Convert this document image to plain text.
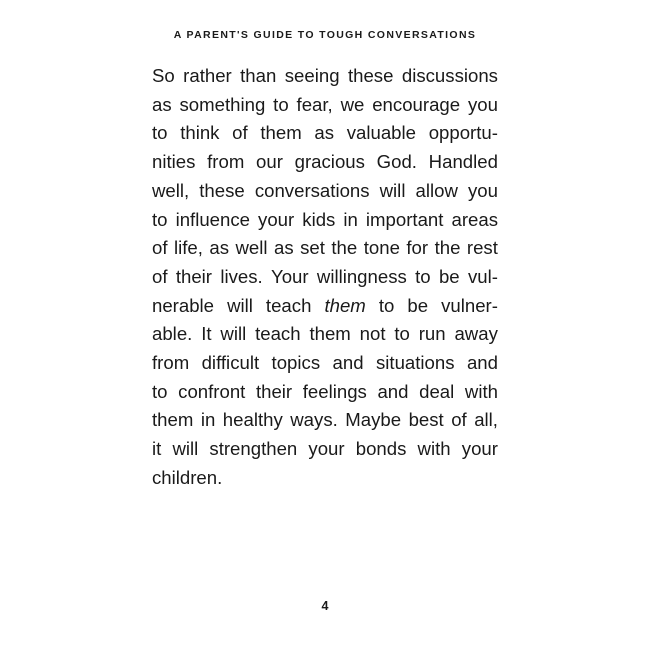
A PARENT'S GUIDE TO TOUGH CONVERSATIONS
So rather than seeing these discussions
as something to fear, we encourage you
to think of them as valuable opportu-
nities from our gracious God. Handled
well, these conversations will allow you
to influence your kids in important areas
of life, as well as set the tone for the rest
of their lives. Your willingness to be vul-
nerable will teach them to be vulner-
able. It will teach them not to run away
from difficult topics and situations and
to confront their feelings and deal with
them in healthy ways. Maybe best of all,
it will strengthen your bonds with your
children.
4
